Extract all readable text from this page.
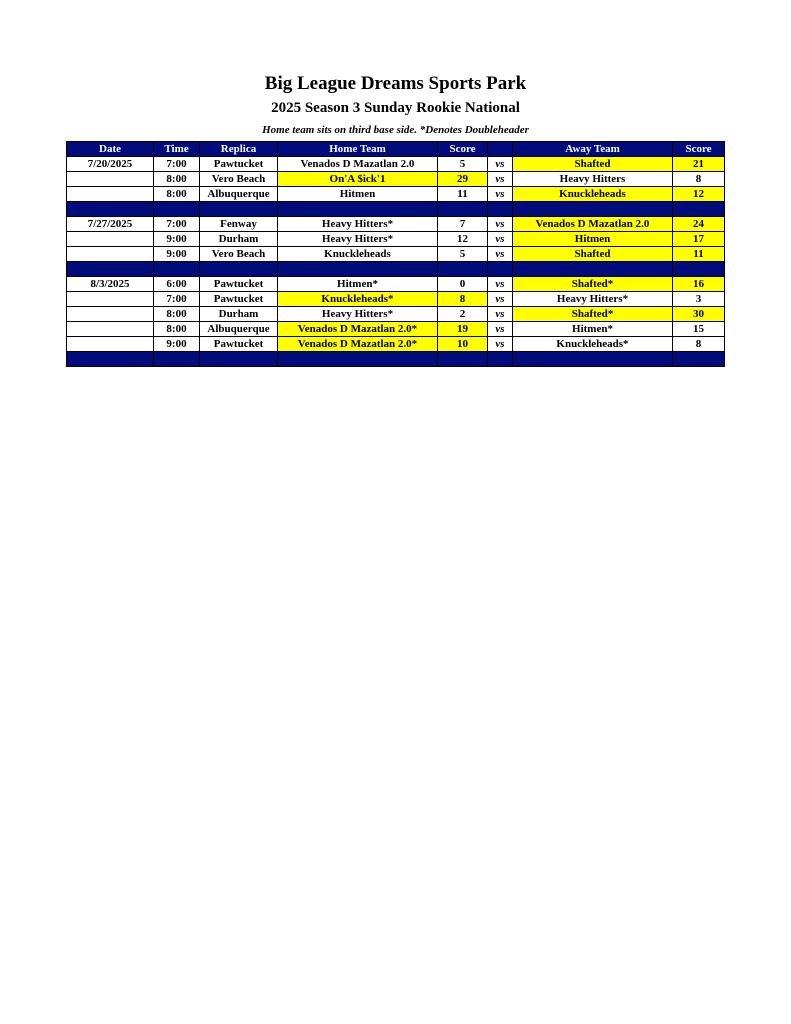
Big League Dreams Sports Park
2025 Season 3 Sunday Rookie National
Home team sits on third base side. *Denotes Doubleheader
Date	Time	Replica	Home Team	Score		Away Team	Score
7/20/2025	7:00	Pawtucket	Venados D Mazatlan 2.0	5	vs	Shafted	21
	8:00	Vero Beach	On'A $ick'1	29	vs	Heavy Hitters	8
	8:00	Albuquerque	Hitmen	11	vs	Knuckleheads	12

7/27/2025	7:00	Fenway	Heavy Hitters*	7	vs	Venados D Mazatlan 2.0	24
	9:00	Durham	Heavy Hitters*	12	vs	Hitmen	17
	9:00	Vero Beach	Knuckleheads	5	vs	Shafted	11

8/3/2025	6:00	Pawtucket	Hitmen*	0	vs	Shafted*	16
	7:00	Pawtucket	Knuckleheads*	8	vs	Heavy Hitters*	3
	8:00	Durham	Heavy Hitters*	2	vs	Shafted*	30
	8:00	Albuquerque	Venados D Mazatlan 2.0*	19	vs	Hitmen*	15
	9:00	Pawtucket	Venados D Mazatlan 2.0*	10	vs	Knuckleheads*	8
